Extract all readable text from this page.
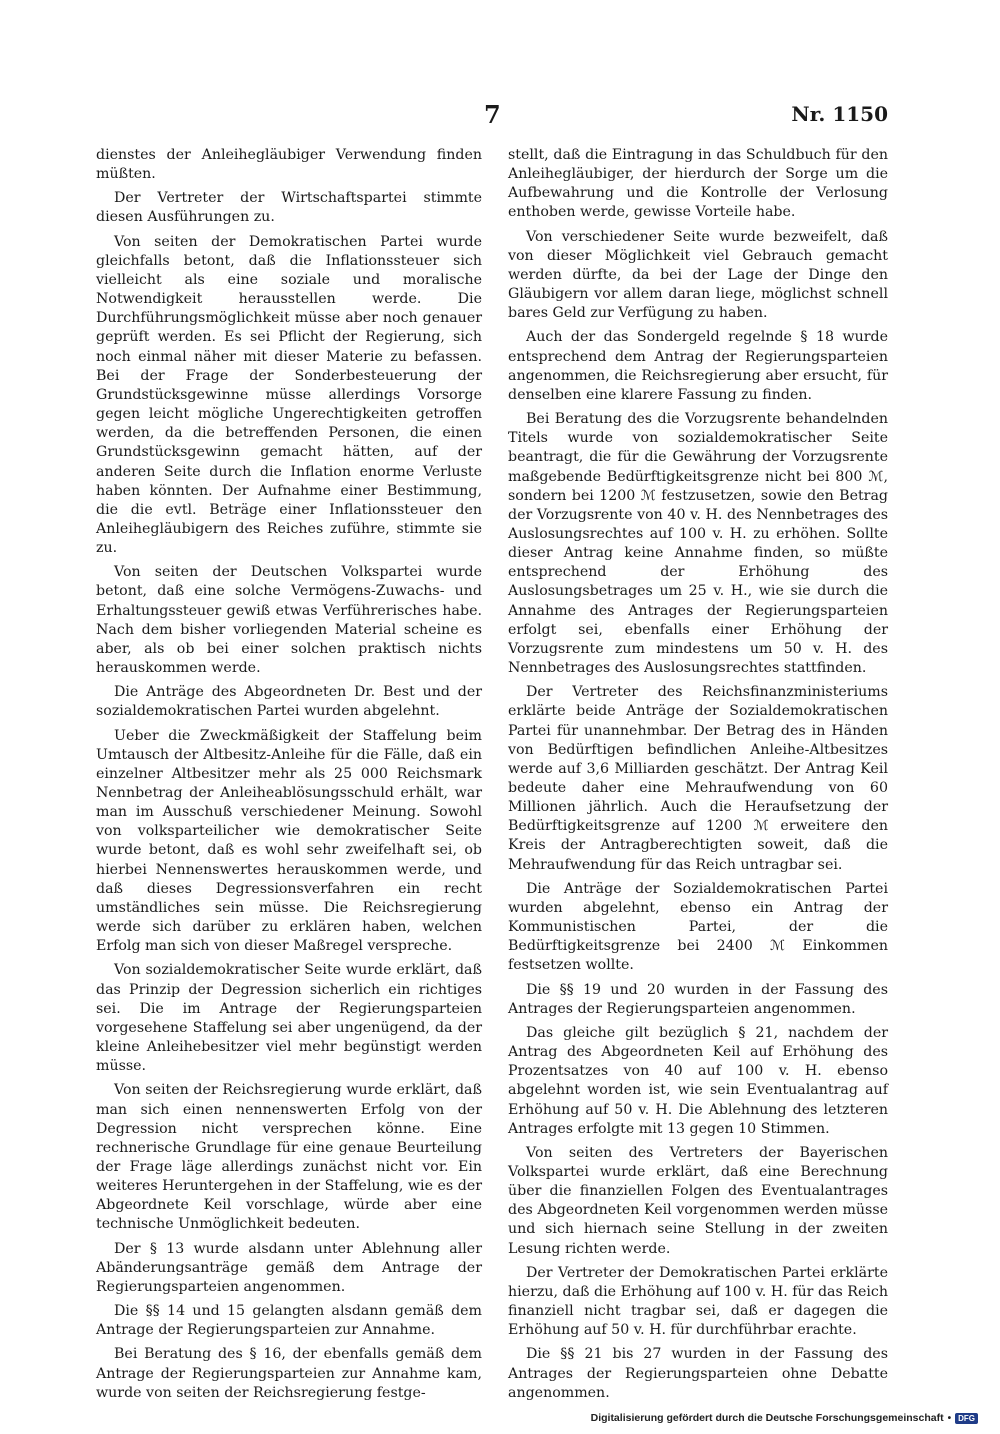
7	Nr. 1150

dienstes der Anleihegläubiger Verwendung finden müßten.

Der Vertreter der Wirtschaftspartei stimmte diesen Ausführungen zu.

Von seiten der Demokratischen Partei wurde gleichfalls betont, daß die Inflationssteuer sich vielleicht als eine soziale und moralische Notwendigkeit herausstellen werde. Die Durchführungsmöglichkeit müsse aber noch genauer geprüft werden. Es sei Pflicht der Regierung, sich noch einmal näher mit dieser Materie zu befassen. Bei der Frage der Sonderbesteuerung der Grundstücksgewinne müsse allerdings Vorsorge gegen leicht mögliche Ungerechtigkeiten getroffen werden, da die betreffenden Personen, die einen Grundstücksgewinn gemacht hätten, auf der anderen Seite durch die Inflation enorme Verluste haben könnten. Der Aufnahme einer Bestimmung, die die evtl. Beträge einer Inflationssteuer den Anleihegläubigern des Reiches zuführe, stimmte sie zu.

Von seiten der Deutschen Volkspartei wurde betont, daß eine solche Vermögens-Zuwachs- und Erhaltungssteuer gewiß etwas Verführerisches habe. Nach dem bisher vorliegenden Material scheine es aber, als ob bei einer solchen praktisch nichts herauskommen werde.

Die Anträge des Abgeordneten Dr. Best und der sozialdemokratischen Partei wurden abgelehnt.

Ueber die Zweckmäßigkeit der Staffelung beim Umtausch der Altbesitz-Anleihe für die Fälle, daß ein einzelner Altbesitzer mehr als 25 000 Reichsmark Nennbetrag der Anleiheablösungsschuld erhält, war man im Ausschuß verschiedener Meinung. Sowohl von volksparteilicher wie demokratischer Seite wurde betont, daß es wohl sehr zweifelhaft sei, ob hierbei Nennenswertes herauskommen werde, und daß dieses Degressionsverfahren ein recht umständliches sein müsse. Die Reichsregierung werde sich darüber zu erklären haben, welchen Erfolg man sich von dieser Maßregel verspreche.

Von sozialdemokratischer Seite wurde erklärt, daß das Prinzip der Degression sicherlich ein richtiges sei. Die im Antrage der Regierungsparteien vorgesehene Staffelung sei aber ungenügend, da der kleine Anleihebesitzer viel mehr begünstigt werden müsse.

Von seiten der Reichsregierung wurde erklärt, daß man sich einen nennenswerten Erfolg von der Degression nicht versprechen könne. Eine rechnerische Grundlage für eine genaue Beurteilung der Frage läge allerdings zunächst nicht vor. Ein weiteres Heruntergehen in der Staffelung, wie es der Abgeordnete Keil vorschlage, würde aber eine technische Unmöglichkeit bedeuten.

Der § 13 wurde alsdann unter Ablehnung aller Abänderungsanträge gemäß dem Antrage der Regierungsparteien angenommen.

Die §§ 14 und 15 gelangten alsdann gemäß dem Antrage der Regierungsparteien zur Annahme.

Bei Beratung des § 16, der ebenfalls gemäß dem Antrage der Regierungsparteien zur Annahme kam, wurde von seiten der Reichsregierung festge-

stellt, daß die Eintragung in das Schuldbuch für den Anleihegläubiger, der hierdurch der Sorge um die Aufbewahrung und die Kontrolle der Verlosung enthoben werde, gewisse Vorteile habe.

Von verschiedener Seite wurde bezweifelt, daß von dieser Möglichkeit viel Gebrauch gemacht werden dürfte, da bei der Lage der Dinge den Gläubigern vor allem daran liege, möglichst schnell bares Geld zur Verfügung zu haben.

Auch der das Sondergeld regelnde § 18 wurde entsprechend dem Antrag der Regierungsparteien angenommen, die Reichsregierung aber ersucht, für denselben eine klarere Fassung zu finden.

Bei Beratung des die Vorzugsrente behandelnden Titels wurde von sozialdemokratischer Seite beantragt, die für die Gewährung der Vorzugsrente maßgebende Bedürftigkeitsgrenze nicht bei 800 ℳ, sondern bei 1200 ℳ festzusetzen, sowie den Betrag der Vorzugsrente von 40 v. H. des Nennbetrages des Auslosungsrechtes auf 100 v. H. zu erhöhen. Sollte dieser Antrag keine Annahme finden, so müßte entsprechend der Erhöhung des Auslosungsbetrages um 25 v. H., wie sie durch die Annahme des Antrages der Regierungsparteien erfolgt sei, ebenfalls einer Erhöhung der Vorzugsrente zum mindestens um 50 v. H. des Nennbetrages des Auslosungsrechtes stattfinden.

Der Vertreter des Reichsfinanzministeriums erklärte beide Anträge der Sozialdemokratischen Partei für unannehmbar. Der Betrag des in Händen von Bedürftigen befindlichen Anleihe-Altbesitzes werde auf 3,6 Milliarden geschätzt. Der Antrag Keil bedeute daher eine Mehraufwendung von 60 Millionen jährlich. Auch die Heraufsetzung der Bedürftigkeitsgrenze auf 1200 ℳ erweitere den Kreis der Antragberechtigten soweit, daß die Mehraufwendung für das Reich untragbar sei.

Die Anträge der Sozialdemokratischen Partei wurden abgelehnt, ebenso ein Antrag der Kommunistischen Partei, der die Bedürftigkeitsgrenze bei 2400 ℳ Einkommen festsetzen wollte.

Die §§ 19 und 20 wurden in der Fassung des Antrages der Regierungsparteien angenommen.

Das gleiche gilt bezüglich § 21, nachdem der Antrag des Abgeordneten Keil auf Erhöhung des Prozentsatzes von 40 auf 100 v. H. ebenso abgelehnt worden ist, wie sein Eventualantrag auf Erhöhung auf 50 v. H. Die Ablehnung des letzteren Antrages erfolgte mit 13 gegen 10 Stimmen.

Von seiten des Vertreters der Bayerischen Volkspartei wurde erklärt, daß eine Berechnung über die finanziellen Folgen des Eventualantrages des Abgeordneten Keil vorgenommen werden müsse und sich hiernach seine Stellung in der zweiten Lesung richten werde.

Der Vertreter der Demokratischen Partei erklärte hierzu, daß die Erhöhung auf 100 v. H. für das Reich finanziell nicht tragbar sei, daß er dagegen die Erhöhung auf 50 v. H. für durchführbar erachte.

Die §§ 21 bis 27 wurden in der Fassung des Antrages der Regierungsparteien ohne Debatte angenommen.

Digitalisierung gefördert durch die Deutsche Forschungsgemeinschaft • DFG
